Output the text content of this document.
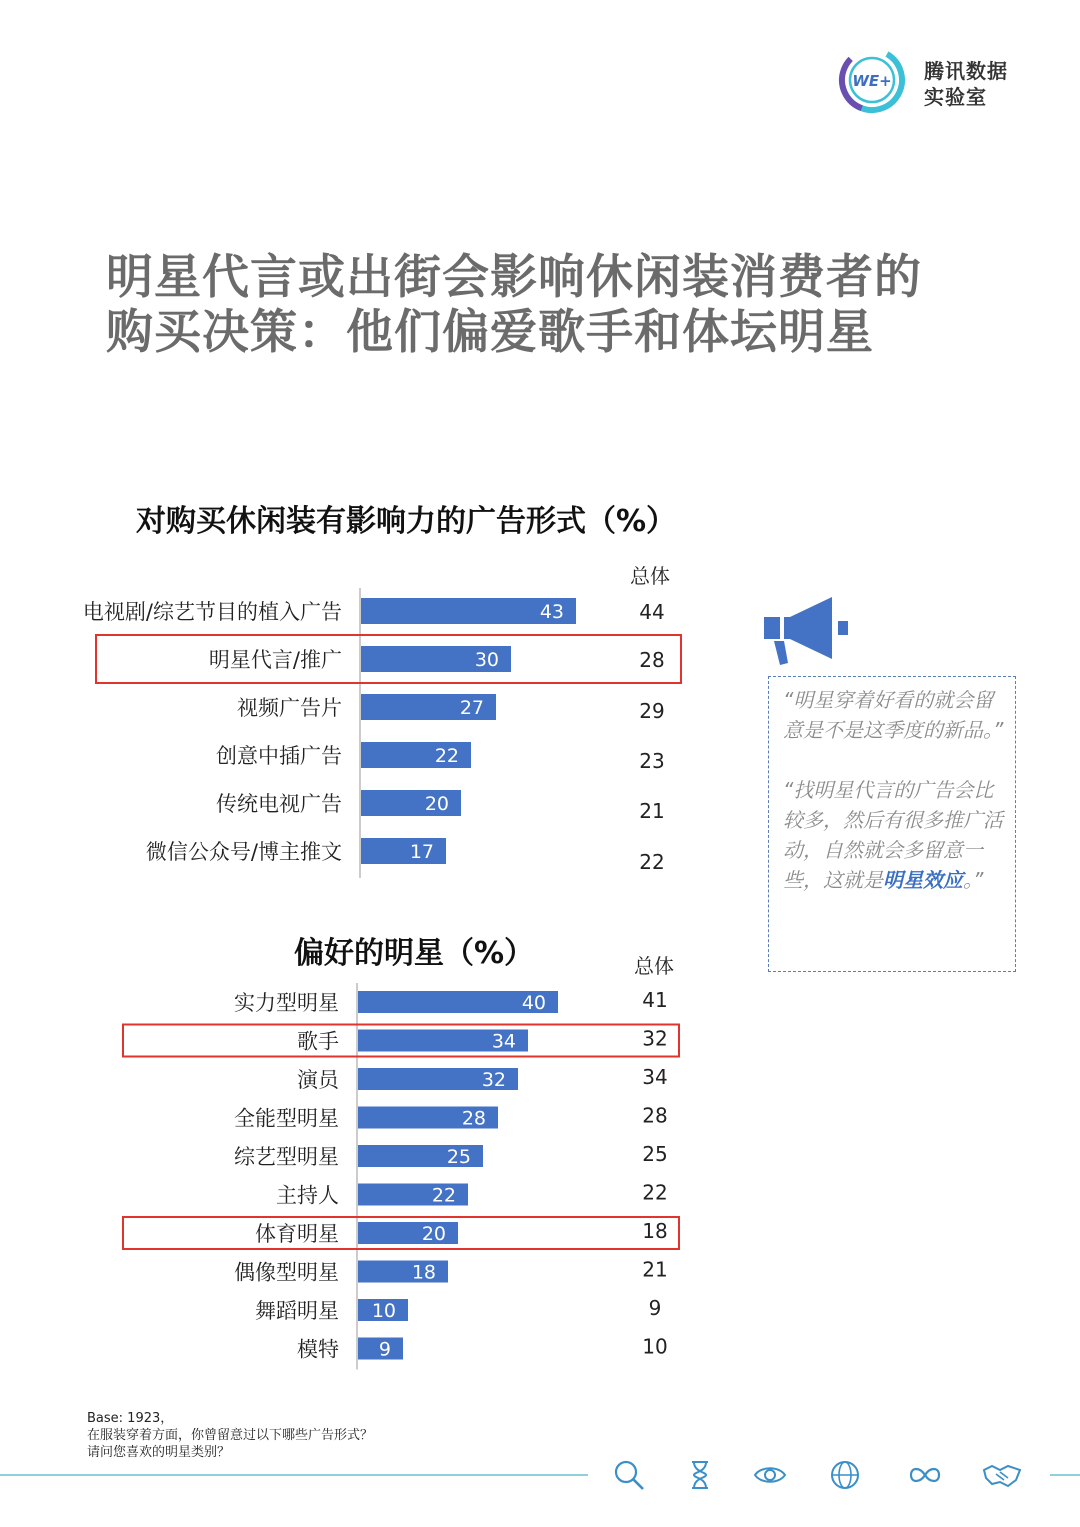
WE+ 腾讯数据
实验室
明星代言或出街会影响休闲装消费者的
购买决策：他们偏爱歌手和体坛明星
对购买休闲装有影响力的广告形式（%）
总体
电视剧/综艺节目的植入广告	43	44
明星代言/推广	30	28
视频广告片	27	29
创意中插广告	22	23
传统电视广告	20	21
微信公众号/博主推文	17	22
偏好的明星（%）	总体
实力型明星	40	41
歌手	34	32
演员	32	34
全能型明星	28	28
综艺型明星	25	25
主持人	22	22
体育明星	20	18
偶像型明星	18	21
舞蹈明星 10	9
模特 9	10

“明星穿着好看的就会留意是不是这季度的新品。”

“找明星代言的广告会比较多，然后有很多推广活动，自然就会多留意一些，这就是明星效应。”

Base: 1923，
在服装穿着方面，你曾留意过以下哪些广告形式？
请问您喜欢的明星类别？
